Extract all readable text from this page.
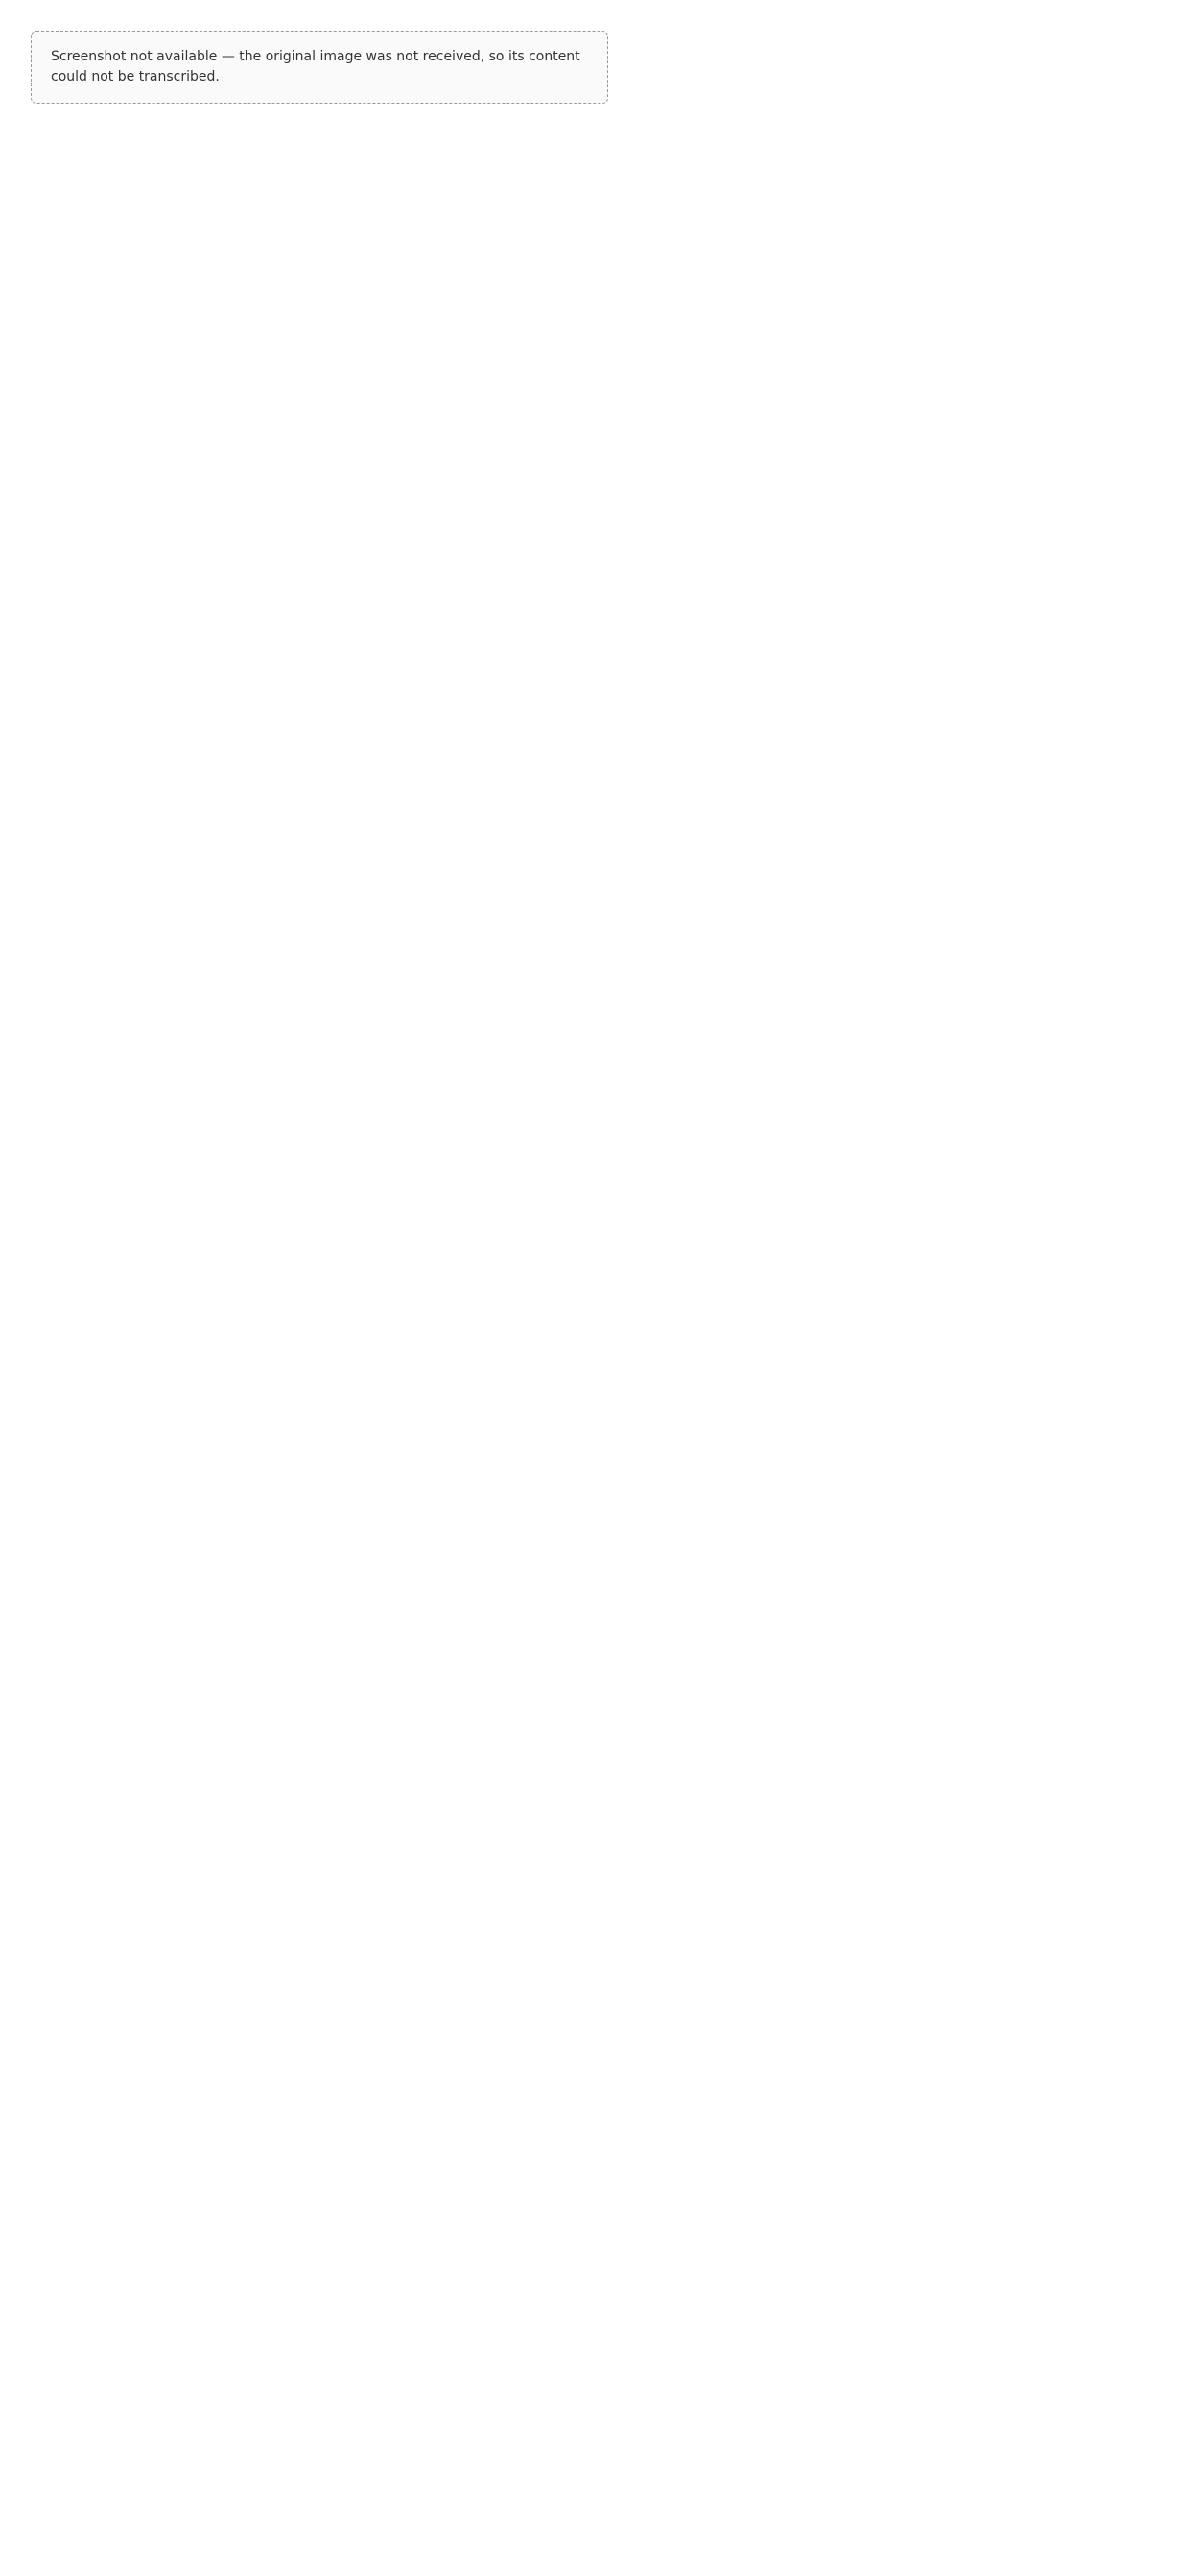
Screenshot not available — the original image was not received, so its content could not be transcribed.
